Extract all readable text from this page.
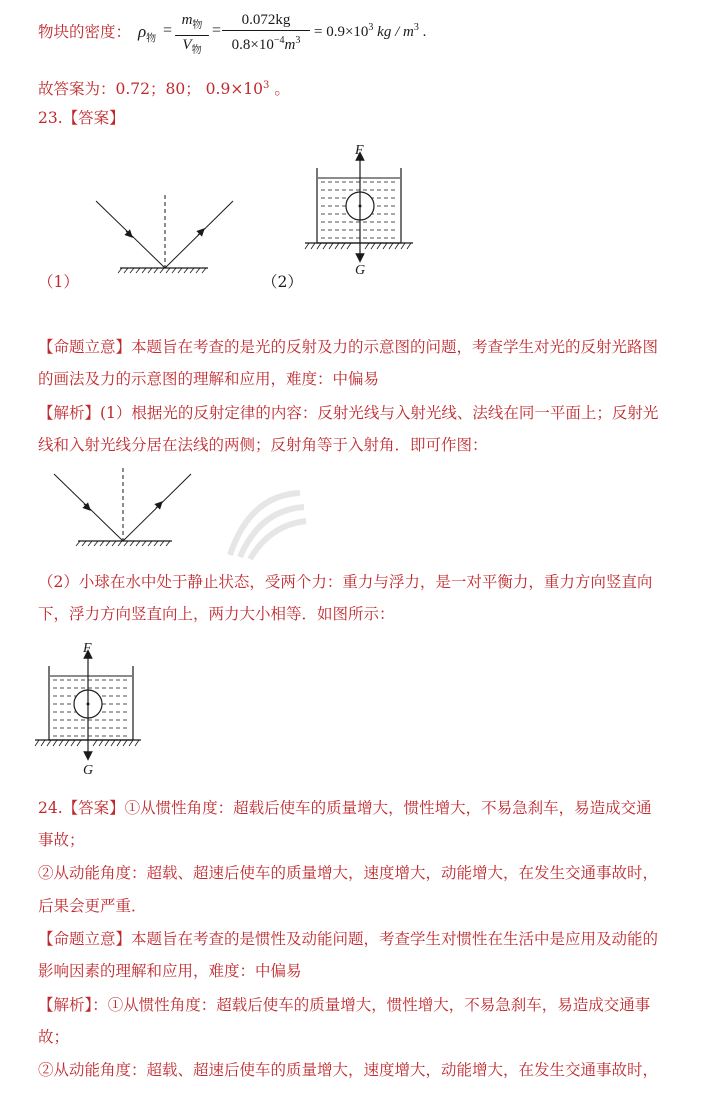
物块的密度： $\rho_物$ =
$m_物$
$V_物$
=
0.072kg
$0.8\times 10^{-4}m^3$
= $0.9\times 10^3$ kg / $m^3$ .
故答案为：0.72；80； $0.9\times 10^3$ 。
23.【答案】
（1）
F
G
（2）
【命题立意】本题旨在考查的是光的反射及力的示意图的问题，考查学生对光的反射光路图
的画法及力的示意图的理解和应用，难度：中偏易
【解析】(1）根据光的反射定律的内容：反射光线与入射光线、法线在同一平面上；反射光
线和入射光线分居在法线的两侧；反射角等于入射角．即可作图：
（2）小球在水中处于静止状态，受两个力：重力与浮力，是一对平衡力，重力方向竖直向
下，浮力方向竖直向上，两力大小相等．如图所示：
F
G
24.【答案】①从惯性角度：超载后使车的质量增大，惯性增大，不易急刹车，易造成交通
事故；
②从动能角度：超载、超速后使车的质量增大，速度增大，动能增大，在发生交通事故时，
后果会更严重．
【命题立意】本题旨在考查的是惯性及动能问题，考查学生对惯性在生活中是应用及动能的
影响因素的理解和应用，难度：中偏易
【解析】：①从惯性角度：超载后使车的质量增大，惯性增大，不易急刹车，易造成交通事
故；
②从动能角度：超载、超速后使车的质量增大，速度增大，动能增大，在发生交通事故时，
